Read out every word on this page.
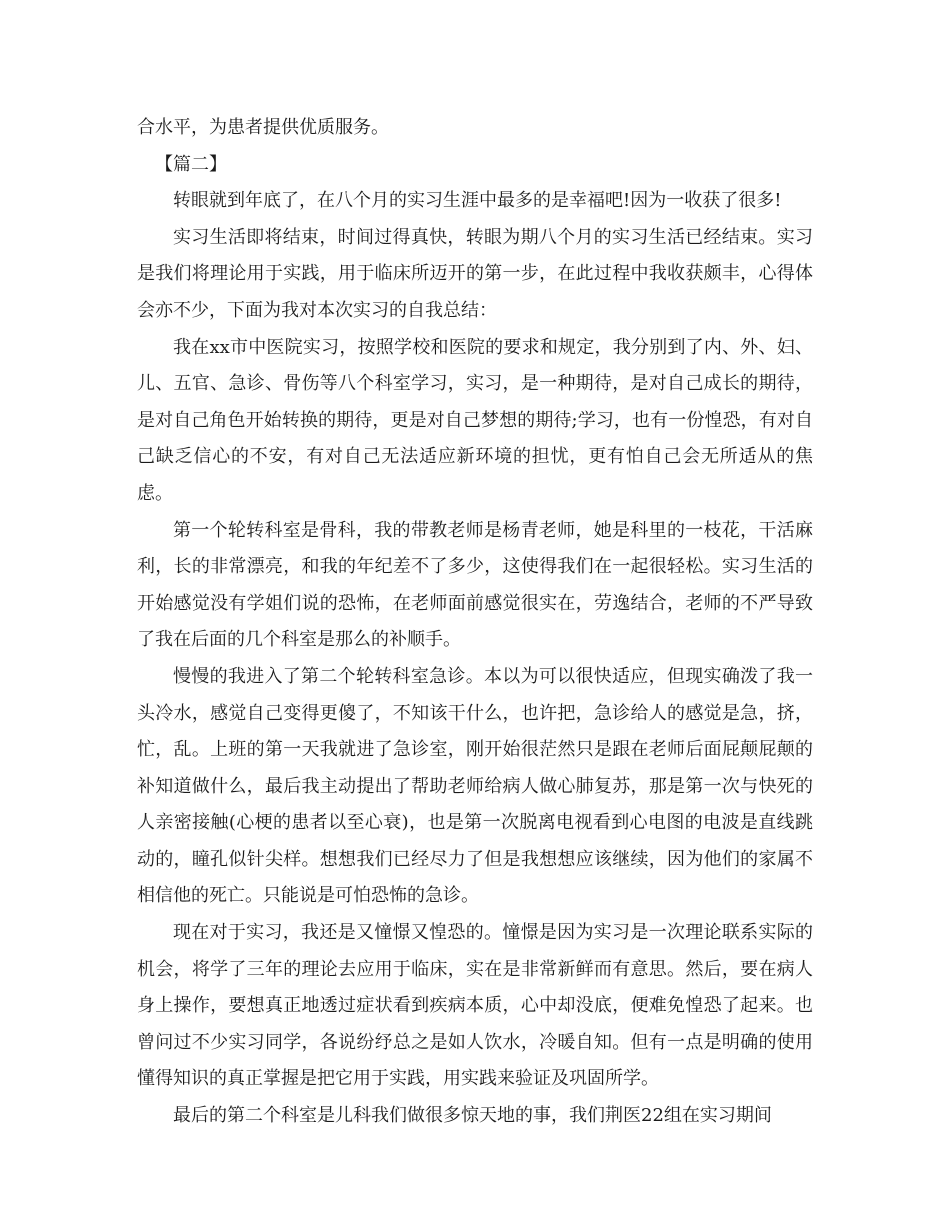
合水平，为患者提供优质服务。

【篇二】

转眼就到年底了，在八个月的实习生涯中最多的是幸福吧!因为一收获了很多!

实习生活即将结束，时间过得真快，转眼为期八个月的实习生活已经结束。实习是我们将理论用于实践，用于临床所迈开的第一步，在此过程中我收获颇丰，心得体会亦不少，下面为我对本次实习的自我总结：

我在xx市中医院实习，按照学校和医院的要求和规定，我分别到了内、外、妇、儿、五官、急诊、骨伤等八个科室学习，实习，是一种期待，是对自己成长的期待，是对自己角色开始转换的期待，更是对自己梦想的期待;学习，也有一份惶恐，有对自己缺乏信心的不安，有对自己无法适应新环境的担忧，更有怕自己会无所适从的焦虑。

第一个轮转科室是骨科，我的带教老师是杨青老师，她是科里的一枝花，干活麻利，长的非常漂亮，和我的年纪差不了多少，这使得我们在一起很轻松。实习生活的开始感觉没有学姐们说的恐怖，在老师面前感觉很实在，劳逸结合，老师的不严导致了我在后面的几个科室是那么的补顺手。

慢慢的我进入了第二个轮转科室急诊。本以为可以很快适应，但现实确泼了我一头冷水，感觉自己变得更傻了，不知该干什么，也许把，急诊给人的感觉是急，挤，忙，乱。上班的第一天我就进了急诊室，刚开始很茫然只是跟在老师后面屁颠屁颠的补知道做什么，最后我主动提出了帮助老师给病人做心肺复苏，那是第一次与快死的人亲密接触(心梗的患者以至心衰)，也是第一次脱离电视看到心电图的电波是直线跳动的，瞳孔似针尖样。想想我们已经尽力了但是我想想应该继续，因为他们的家属不相信他的死亡。只能说是可怕恐怖的急诊。

现在对于实习，我还是又憧憬又惶恐的。憧憬是因为实习是一次理论联系实际的机会，将学了三年的理论去应用于临床，实在是非常新鲜而有意思。然后，要在病人身上操作，要想真正地透过症状看到疾病本质，心中却没底，便难免惶恐了起来。也曾问过不少实习同学，各说纷纾总之是如人饮水，冷暖自知。但有一点是明确的使用懂得知识的真正掌握是把它用于实践，用实践来验证及巩固所学。

最后的第二个科室是儿科我们做很多惊天地的事，我们荆医22组在实习期间
